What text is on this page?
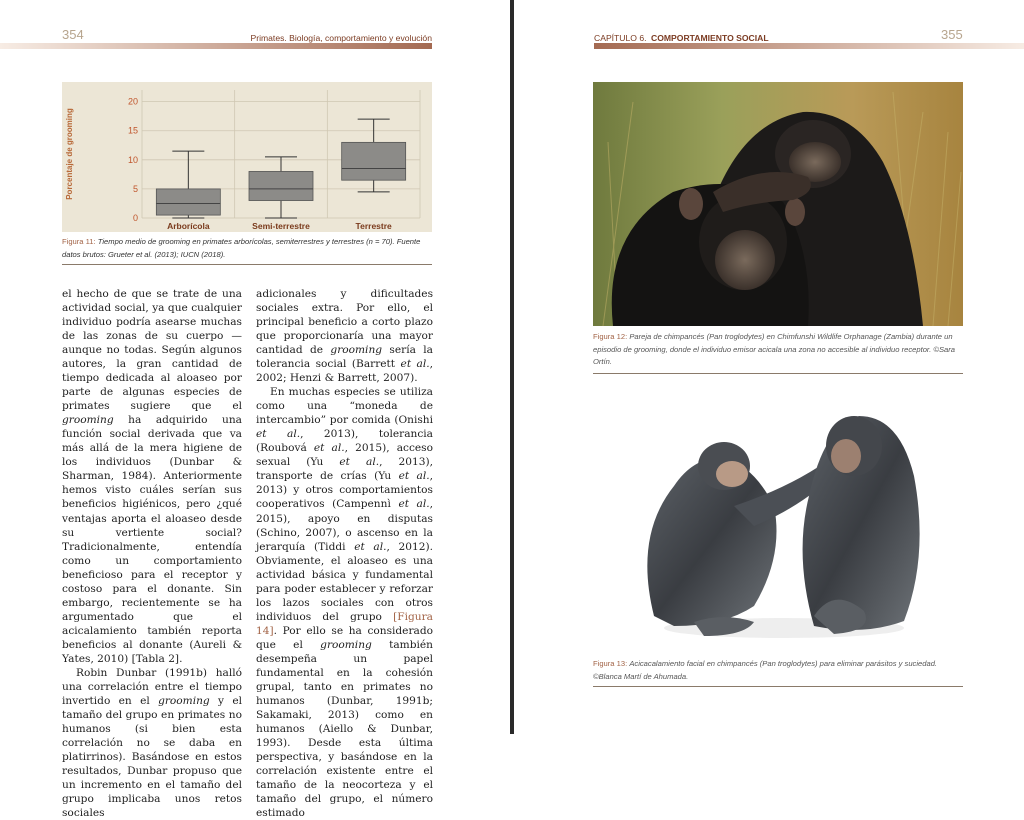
354	Primates. Biología, comportamiento y evolución
0
5
10
15
20
Porcentaje de grooming
Arborícola	Semi-terrestre	Terrestre
Figura 11: Tiempo medio de grooming en primates arborícolas, semiterrestres y terrestres (n = 70). Fuente datos brutos: Grueter et al. (2013); IUCN (2018).

el hecho de que se trate de una actividad social, ya que cualquier individuo podría asearse muchas de las zonas de su cuerpo —aunque no todas. Según algunos autores, la gran cantidad de tiempo dedicada al aloaseo por parte de algunas especies de primates sugiere que el grooming ha adquirido una función social derivada que va más allá de la mera higiene de los individuos (Dunbar & Sharman, 1984). Anteriormente hemos visto cuáles serían sus beneficios higiénicos, pero ¿qué ventajas aporta el aloaseo desde su vertiente social? Tradicionalmente, entendía como un comportamiento beneficioso para el receptor y costoso para el donante. Sin embargo, recientemente se ha argumentado que el acicalamiento también reporta beneficios al donante (Aureli & Yates, 2010) [Tabla 2].

Robin Dunbar (1991b) halló una correlación entre el tiempo invertido en el grooming y el tamaño del grupo en primates no humanos (si bien esta correlación no se daba en platirrinos). Basándose en estos resultados, Dunbar propuso que un incremento en el tamaño del grupo implicaba unos retos sociales

adicionales y dificultades sociales extra. Por ello, el principal beneficio a corto plazo que proporcionaría una mayor cantidad de grooming sería la tolerancia social (Barrett et al., 2002; Henzi & Barrett, 2007).

En muchas especies se utiliza como una “moneda de intercambio” por comida (Onishi et al., 2013), tolerancia (Roubová et al., 2015), acceso sexual (Yu et al., 2013), transporte de crías (Yu et al., 2013) y otros comportamientos cooperativos (Campennì et al., 2015), apoyo en disputas (Schino, 2007), o ascenso en la jerarquía (Tiddi et al., 2012). Obviamente, el aloaseo es una actividad básica y fundamental para poder establecer y reforzar los lazos sociales con otros individuos del grupo [Figura 14]. Por ello se ha considerado que el grooming también desempeña un papel fundamental en la cohesión grupal, tanto en primates no humanos (Dunbar, 1991b; Sakamaki, 2013) como en humanos (Aiello & Dunbar, 1993). Desde esta última perspectiva, y basándose en la correlación existente entre el tamaño de la neocorteza y el tamaño del grupo, el número estimado

CAPÍTULO 6. COMPORTAMIENTO SOCIAL	355
Figura 12: Pareja de chimpancés (Pan troglodytes) en Chimfunshi Wildlife Orphanage (Zambia) durante un episodio de grooming, donde el individuo emisor acicala una zona no accesible al individuo receptor. ©Sara Ortín.
Figura 13: Acicacalamiento facial en chimpancés (Pan troglodytes) para eliminar parásitos y suciedad. ©Blanca Martí de Ahumada.
